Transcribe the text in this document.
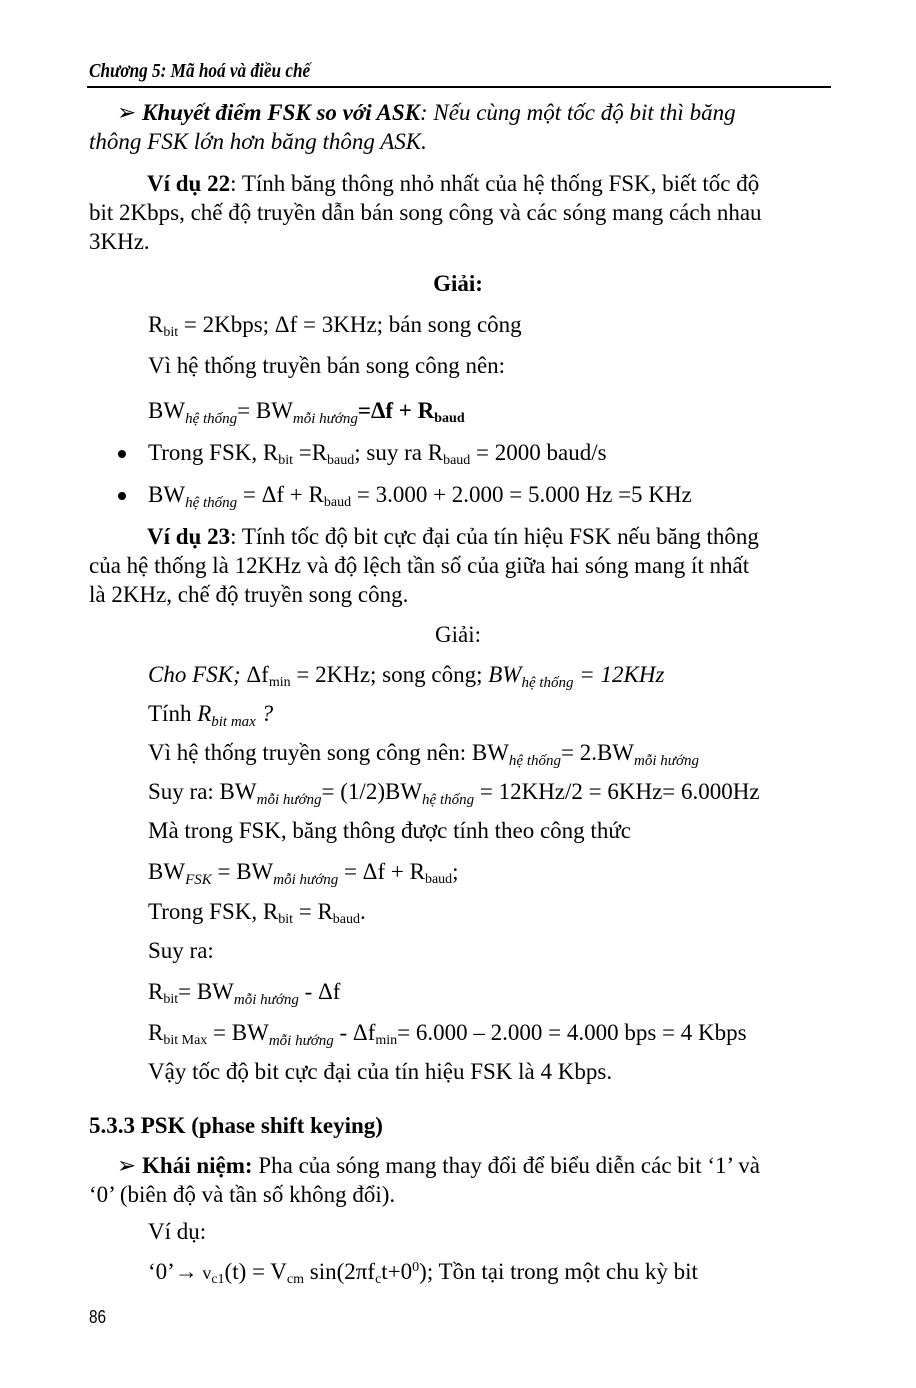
Chương 5: Mã hoá và điều chế
➢ Khuyết điểm FSK so với ASK: Nếu cùng một tốc độ bit thì băng
thông FSK lớn hơn băng thông ASK.
Ví dụ 22: Tính băng thông nhỏ nhất của hệ thống FSK, biết tốc độ
bit 2Kbps, chế độ truyền dẫn bán song công và các sóng mang cách nhau
3KHz.
Giải:
$R_{bit}$ = 2Kbps; Δf = 3KHz; bán song công
Vì hệ thống truyền bán song công nên:
$BW_{hệ thống}= BW_{mỗi hướng}=\Delta f + R_{baud}$
Trong FSK, $R_{bit} =R_{baud}$; suy ra $R_{baud} = 2000$ baud/s
$BW_{hệ thống} = \Delta f + R_{baud} = 3.000 + 2.000 = 5.000$ Hz =5 KHz
Ví dụ 23: Tính tốc độ bit cực đại của tín hiệu FSK nếu băng thông
của hệ thống là 12KHz và độ lệch tần số của giữa hai sóng mang ít nhất
là 2KHz, chế độ truyền song công.
Giải:
Cho FSK; $\Delta f_{min} = 2KHz$; song công; $BW_{hệ thống} = 12KHz$
Tính $R_{bit max}$ ?
Vì hệ thống truyền song công nên: $BW_{hệ thống}= 2.BW_{mỗi hướng}$
Suy ra: $BW_{mỗi hướng}= (1/2)BW_{hệ thống} = 12KHz/2 = 6KHz= 6.000Hz$
Mà trong FSK, băng thông được tính theo công thức
$BW_{FSK} = BW_{mỗi hướng} = \Delta f + R_{baud}$;
Trong FSK, $R_{bit} = R_{baud}$.
Suy ra:
$R_{bit}= BW_{mỗi hướng} - \Delta f$
$R_{bit Max} = BW_{mỗi hướng} - \Delta f_{min}= 6.000 - 2.000 = 4.000$ bps = 4 Kbps
Vậy tốc độ bit cực đại của tín hiệu FSK là 4 Kbps.
5.3.3 PSK (phase shift keying)
➢ Khái niệm: Pha của sóng mang thay đổi để biểu diễn các bit ‘1’ và
‘0’ (biên độ và tần số không đổi).
Ví dụ:
‘0’→ $v_{c1}(t) = V_{cm}$ $\sin(2\pi f_ct+0^0)$; Tồn tại trong một chu kỳ bit
86
